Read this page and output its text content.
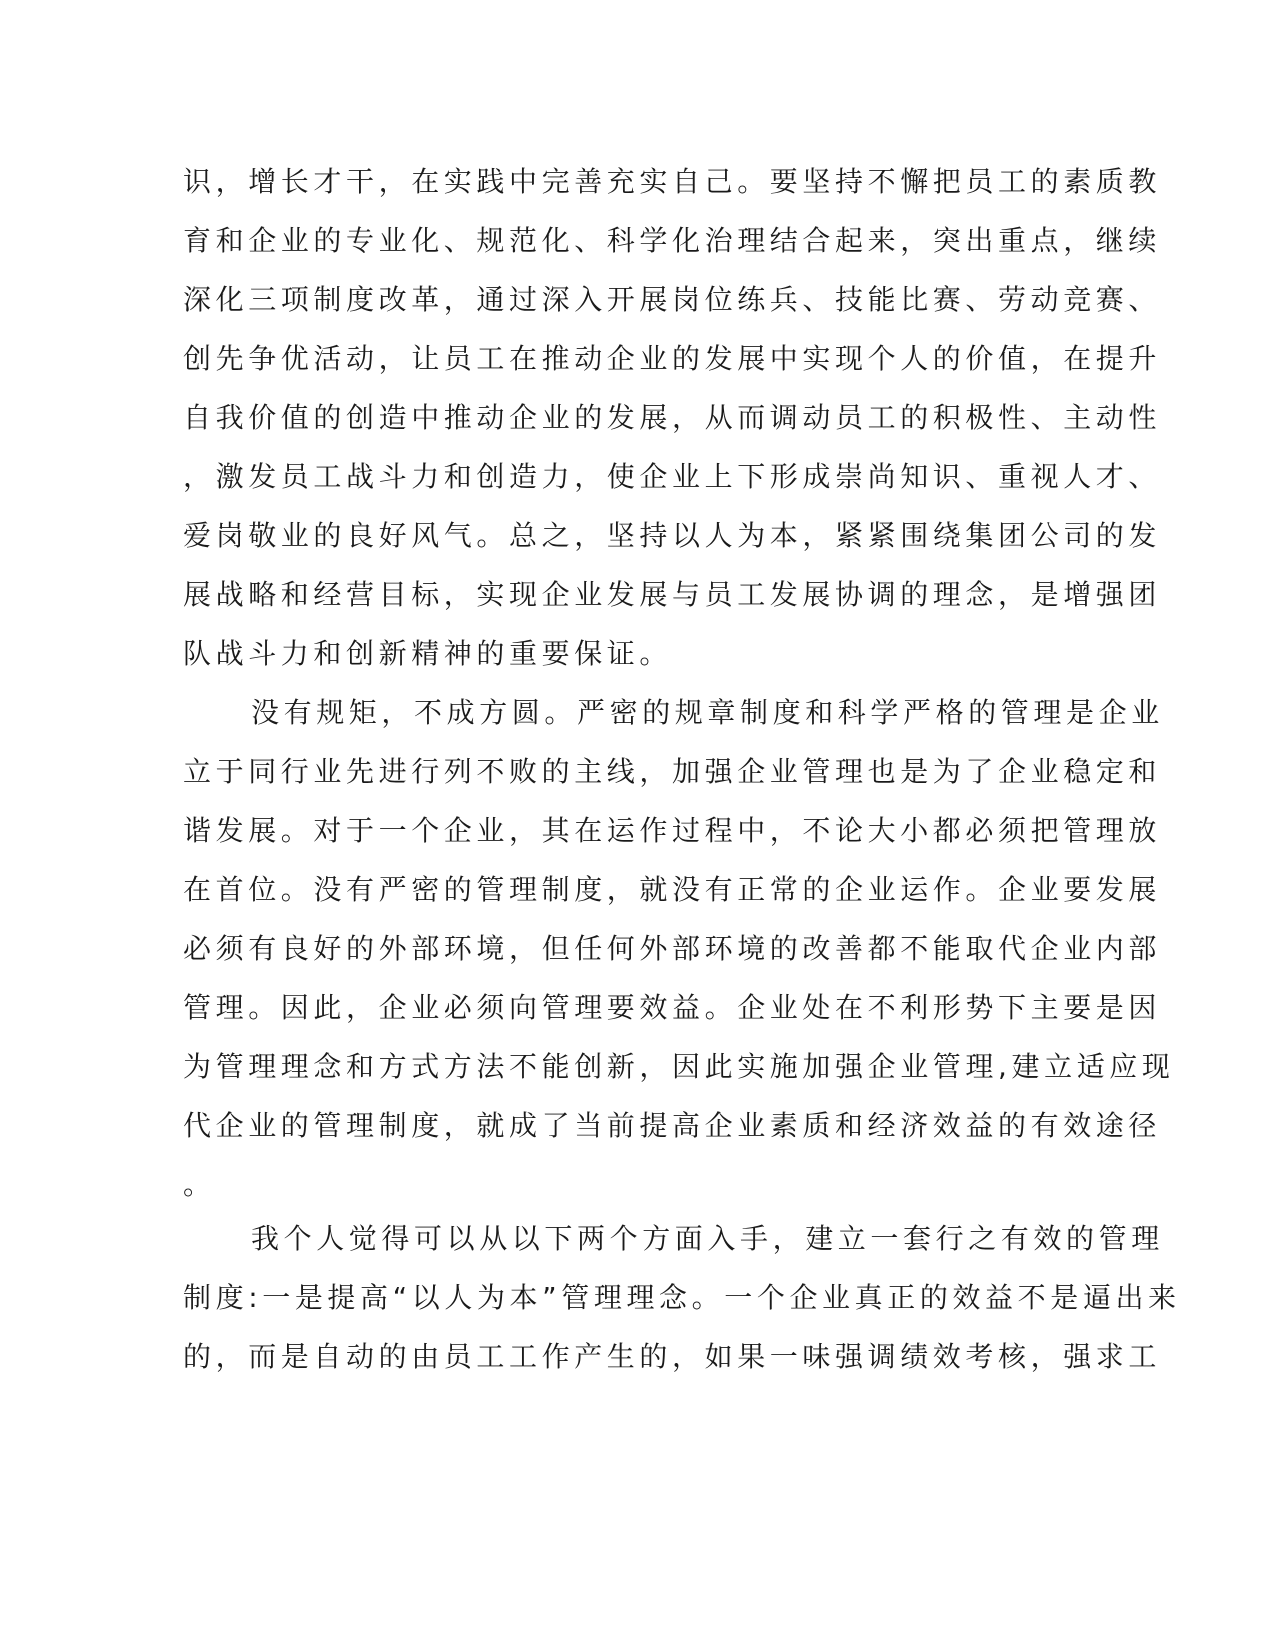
识，增长才干，在实践中完善充实自己。要坚持不懈把员工的素质教
育和企业的专业化、规范化、科学化治理结合起来，突出重点，继续
深化三项制度改革，通过深入开展岗位练兵、技能比赛、劳动竞赛、
创先争优活动，让员工在推动企业的发展中实现个人的价值，在提升
自我价值的创造中推动企业的发展，从而调动员工的积极性、主动性
，激发员工战斗力和创造力，使企业上下形成崇尚知识、重视人才、
爱岗敬业的良好风气。总之，坚持以人为本，紧紧围绕集团公司的发
展战略和经营目标，实现企业发展与员工发展协调的理念，是增强团
队战斗力和创新精神的重要保证。
没有规矩，不成方圆。严密的规章制度和科学严格的管理是企业
立于同行业先进行列不败的主线，加强企业管理也是为了企业稳定和
谐发展。对于一个企业，其在运作过程中，不论大小都必须把管理放
在首位。没有严密的管理制度，就没有正常的企业运作。企业要发展
必须有良好的外部环境，但任何外部环境的改善都不能取代企业内部
管理。因此，企业必须向管理要效益。企业处在不利形势下主要是因
为管理理念和方式方法不能创新，因此实施加强企业管理,建立适应现
代企业的管理制度，就成了当前提高企业素质和经济效益的有效途径
。
我个人觉得可以从以下两个方面入手，建立一套行之有效的管理
制度:一是提高“以人为本”管理理念。一个企业真正的效益不是逼出来
的，而是自动的由员工工作产生的，如果一味强调绩效考核，强求工
